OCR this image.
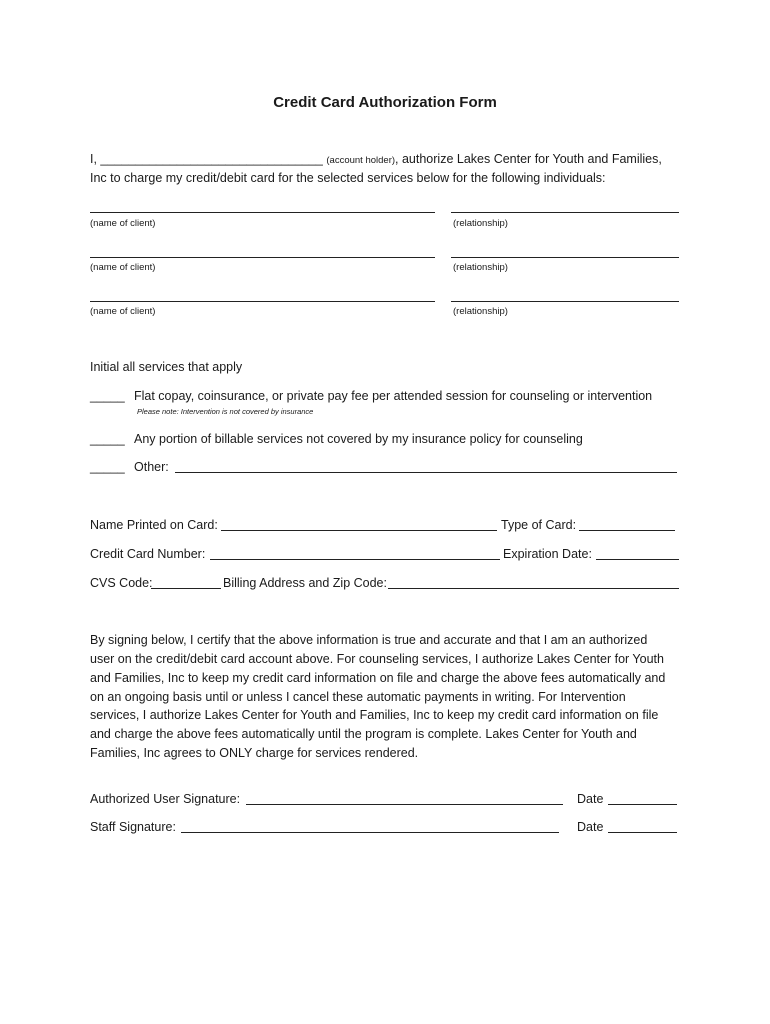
Credit Card Authorization Form
I, ________________________________ (account holder), authorize Lakes Center for Youth and Families,
Inc to charge my credit/debit card for the selected services below for the following individuals:
(name of client)	(relationship)
(name of client)	(relationship)
(name of client)	(relationship)
Initial all services that apply
_____ Flat copay, coinsurance, or private pay fee per attended session for counseling or intervention
Please note: Intervention is not covered by insurance
_____ Any portion of billable services not covered by my insurance policy for counseling
_____ Other:
Name Printed on Card:	Type of Card:
Credit Card Number:	Expiration Date:
CVS Code:	Billing Address and Zip Code:
By signing below, I certify that the above information is true and accurate and that I am an authorized
user on the credit/debit card account above. For counseling services, I authorize Lakes Center for Youth
and Families, Inc to keep my credit card information on file and charge the above fees automatically and
on an ongoing basis until or unless I cancel these automatic payments in writing. For Intervention
services, I authorize Lakes Center for Youth and Families, Inc to keep my credit card information on file
and charge the above fees automatically until the program is complete. Lakes Center for Youth and
Families, Inc agrees to ONLY charge for services rendered.
Authorized User Signature:	Date
Staff Signature:	Date
